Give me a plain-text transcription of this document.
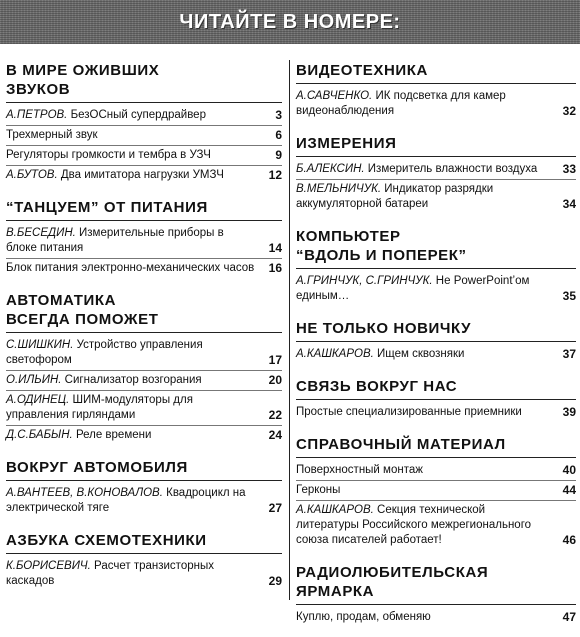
ЧИТАЙТЕ В НОМЕРЕ:
В МИРЕ ОЖИВШИХ
ЗВУКОВ
А.ПЕТРОВ. БезОСный супердрайвер	3
Трехмерный звук	6
Регуляторы громкости и тембра в УЗЧ	9
А.БУТОВ. Два имитатора нагрузки УМЗЧ	12
“ТАНЦУЕМ” ОТ ПИТАНИЯ
В.БЕСЕДИН. Измерительные приборы в блоке питания	14
Блок питания электронно-механических часов	16
АВТОМАТИКА
ВСЕГДА ПОМОЖЕТ
С.ШИШКИН. Устройство управления светофором	17
О.ИЛЬИН. Сигнализатор возгорания	20
А.ОДИНЕЦ. ШИМ-модуляторы для управления гирляндами	22
Д.С.БАБЫН. Реле времени	24
ВОКРУГ АВТОМОБИЛЯ
А.ВАНТЕЕВ, В.КОНОВАЛОВ. Квадроцикл на электрической тяге	27
АЗБУКА СХЕМОТЕХНИКИ
К.БОРИСЕВИЧ. Расчет транзисторных каскадов	29
ВИДЕОТЕХНИКА
А.САВЧЕНКО. ИК подсветка для камер видеонаблюдения	32
ИЗМЕРЕНИЯ
Б.АЛЕКСИН. Измеритель влажности воздуха	33
В.МЕЛЬНИЧУК. Индикатор разрядки аккумуляторной батареи	34
КОМПЬЮТЕР
“ВДОЛЬ И ПОПЕРЕК”
А.ГРИНЧУК, С.ГРИНЧУК. Не PowerPoint’ом единым…	35
НЕ ТОЛЬКО НОВИЧКУ
А.КАШКАРОВ. Ищем сквозняки	37
СВЯЗЬ ВОКРУГ НАС
Простые специализированные приемники	39
СПРАВОЧНЫЙ МАТЕРИАЛ
Поверхностный монтаж	40
Герконы	44
А.КАШКАРОВ. Секция технической литературы Российского межрегионального союза писателей работает!	46
РАДИОЛЮБИТЕЛЬСКАЯ
ЯРМАРКА
Куплю, продам, обменяю	47
